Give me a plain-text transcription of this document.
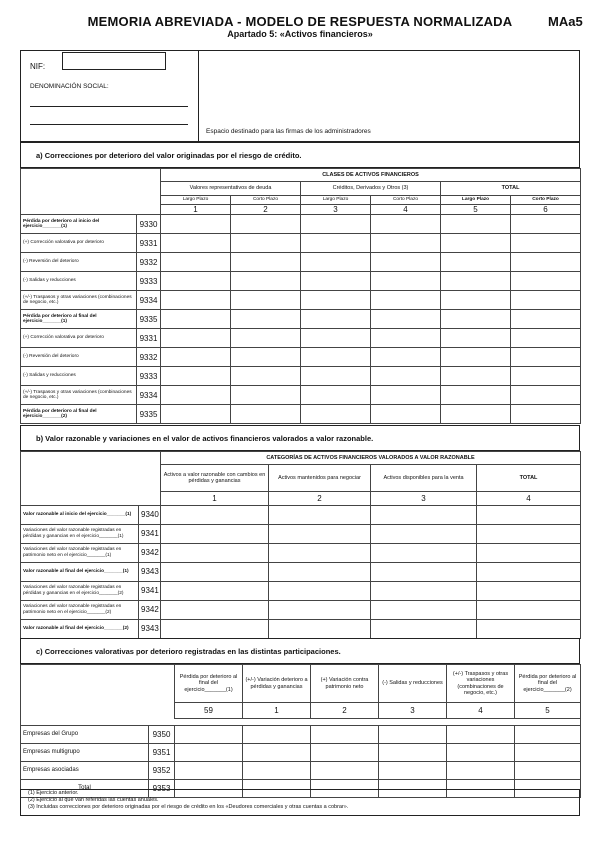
MEMORIA ABREVIADA - MODELO DE RESPUESTA NORMALIZADA
Apartado 5: «Activos financieros»
MAa5
NIF:
DENOMINACIÓN SOCIAL:
Espacio destinado para las firmas de los administradores
a) Correcciones por deterioro del valor originadas por el riesgo de crédito.
		CLASES DE ACTIVOS FINANCIEROS					
		Valores representativos de deuda		Créditos, Derivados y Otros (3)		TOTAL	
		Largo Plazo	Corto Plazo	Largo Plazo	Corto Plazo	Largo Plazo	Corto Plazo
		1	2	3	4	5	6
Pérdida por deterioro al inicio del ejercicio_______(1)	9330						
(+) Corrección valorativa por deterioro	9331						
(-) Reversión del deterioro	9332						
(-) Salidas y reducciones	9333						
(+/-) Traspasos y otras variaciones (combinaciones de negocio, etc.)	9334						
Pérdida por deterioro al final del ejercicio_______(1)	9335						
(+) Corrección valorativa por deterioro	9331						
(-) Reversión del deterioro	9332						
(-) Salidas y reducciones	9333						
(+/-) Traspasos y otras variaciones (combinaciones de negocio, etc.)	9334						
Pérdida por deterioro al final del ejercicio_______(2)	9335						
b) Valor razonable y variaciones en el valor de activos financieros valorados a valor razonable.
		CATEGORÍAS DE ACTIVOS FINANCIEROS VALORADOS A VALOR RAZONABLE			
		Activos a valor razonable con cambios en pérdidas y ganancias	Activos mantenidos para negociar	Activos disponibles para la venta	TOTAL
		1	2	3	4
Valor razonable al inicio del ejercicio_______(1)	9340				
Variaciones del valor razonable registradas en pérdidas y ganancias en el ejercicio_______(1)	9341				
Variaciones del valor razonable registradas en patrimonio neto en el ejercicio_______(1)	9342				
Valor razonable al final del ejercicio_______(1)	9343				
Variaciones del valor razonable registradas en pérdidas y ganancias en el ejercicio_______(2)	9341				
Variaciones del valor razonable registradas en patrimonio neto en el ejercicio_______(2)	9342				
Valor razonable al final del ejercicio_______(2)	9343				
c) Correcciones valorativas por deterioro registradas en las distintas participaciones.
		Pérdida por deterioro al final del ejercicio_______(1)	(+/-) Variación deterioro a pérdidas y ganancias	(+) Variación contra patrimonio neto	(-) Salidas y reducciones	(+/-) Traspasos y otras variaciones (combinaciones de negocio, etc.)	Pérdida por deterioro al final del ejercicio_______(2)
		59	1	2	3	4	5

Empresas del Grupo	9350						
Empresas multigrupo	9351						
Empresas asociadas	9352						
Total	9353						
(1) Ejercicio anterior.
(2) Ejercicio al que van referidas las cuentas anuales.
(3) Incluidas correcciones por deterioro originadas por el riesgo de crédito en los «Deudores comerciales y otras cuentas a cobrar».
